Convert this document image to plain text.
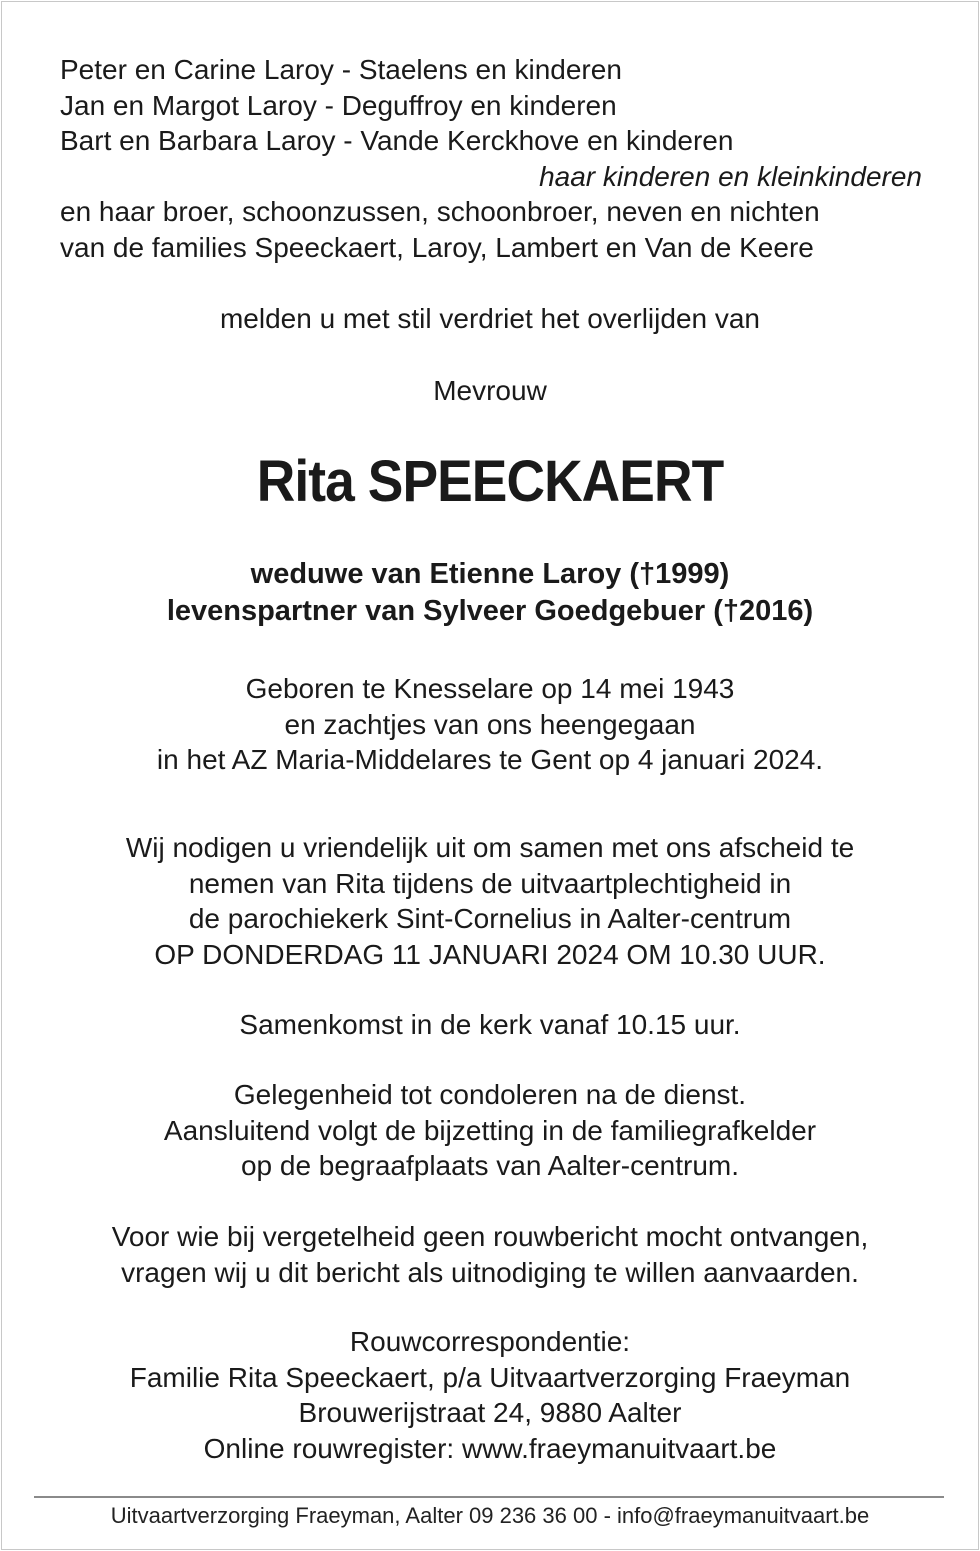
Peter en Carine Laroy - Staelens en kinderen
Jan en Margot Laroy - Deguffroy en kinderen
Bart en Barbara Laroy - Vande Kerckhove en kinderen
haar kinderen en kleinkinderen
en haar broer, schoonzussen, schoonbroer, neven en nichten
van de families Speeckaert, Laroy, Lambert en Van de Keere
melden u met stil verdriet het overlijden van
Mevrouw
Rita SPEECKAERT
weduwe van Etienne Laroy (†1999)
levenspartner van Sylveer Goedgebuer (†2016)
Geboren te Knesselare op 14 mei 1943
en zachtjes van ons heengegaan
in het AZ Maria-Middelares te Gent op 4 januari 2024.
Wij nodigen u vriendelijk uit om samen met ons afscheid te
nemen van Rita tijdens de uitvaartplechtigheid in
de parochiekerk Sint-Cornelius in Aalter-centrum
OP DONDERDAG 11 JANUARI 2024 OM 10.30 UUR.
Samenkomst in de kerk vanaf 10.15 uur.
Gelegenheid tot condoleren na de dienst.
Aansluitend volgt de bijzetting in de familiegrafkelder
op de begraafplaats van Aalter-centrum.
Voor wie bij vergetelheid geen rouwbericht mocht ontvangen,
vragen wij u dit bericht als uitnodiging te willen aanvaarden.
Rouwcorrespondentie:
Familie Rita Speeckaert, p/a Uitvaartverzorging Fraeyman
Brouwerijstraat 24, 9880 Aalter
Online rouwregister: www.fraeymanuitvaart.be
Uitvaartverzorging Fraeyman, Aalter 09 236 36 00 - info@fraeymanuitvaart.be
